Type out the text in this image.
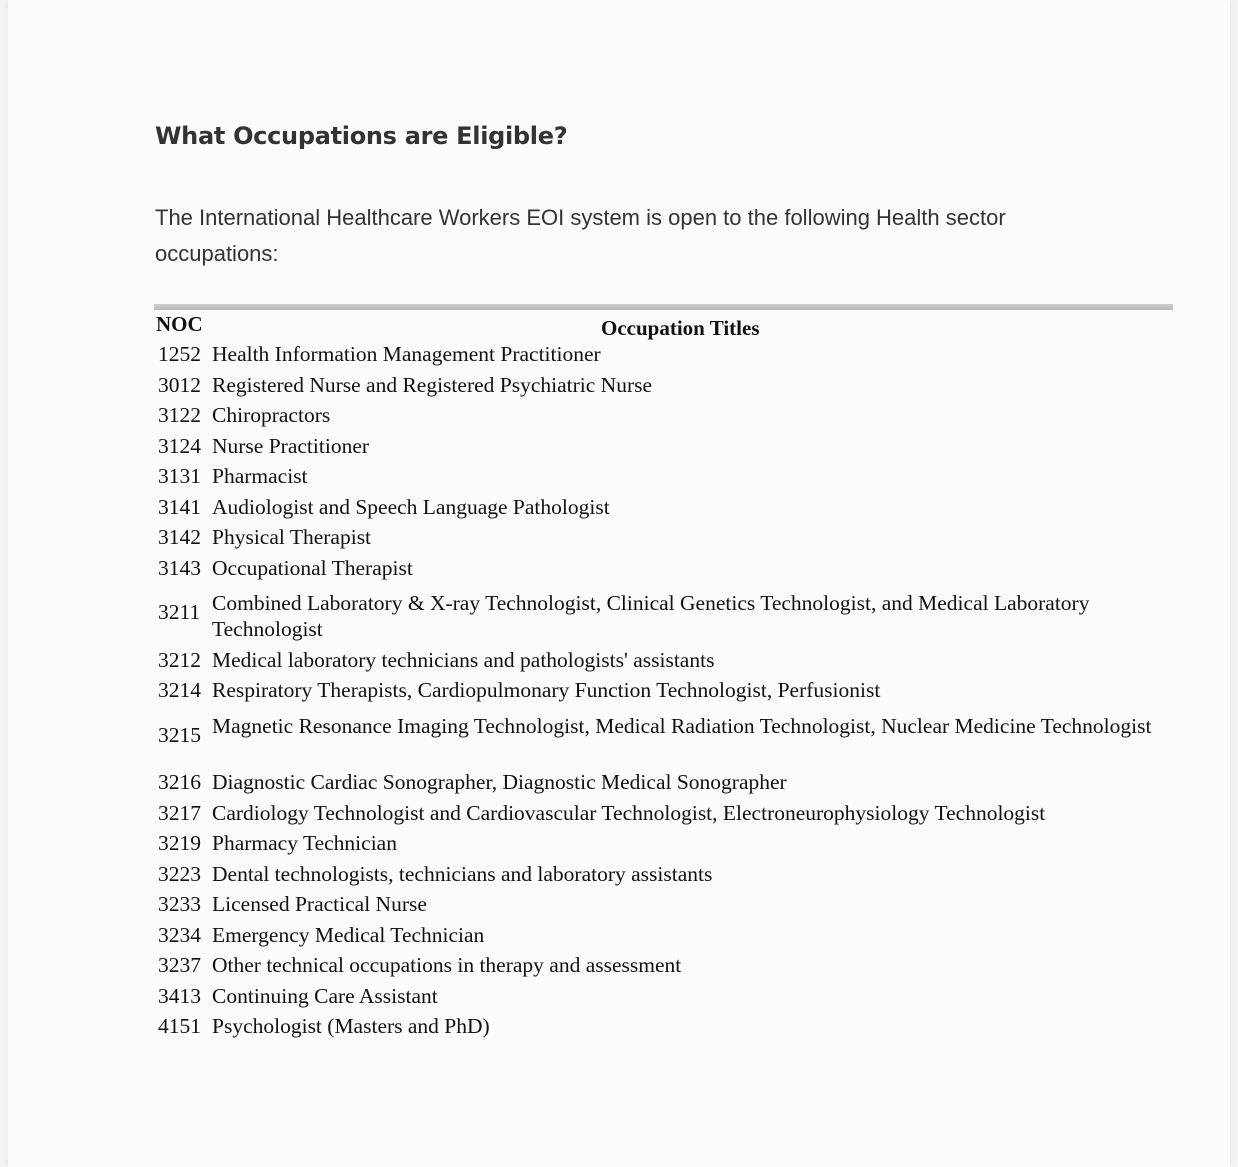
What Occupations are Eligible?

The International Healthcare Workers EOI system is open to the following Health sector occupations:

NOC	Occupation Titles
1252 Health Information Management Practitioner
3012 Registered Nurse and Registered Psychiatric Nurse
3122 Chiropractors
3124 Nurse Practitioner
3131 Pharmacist
3141 Audiologist and Speech Language Pathologist
3142 Physical Therapist
3143 Occupational Therapist
3211 Combined Laboratory & X-ray Technologist, Clinical Genetics Technologist, and Medical Laboratory Technologist
3212 Medical laboratory technicians and pathologists' assistants
3214 Respiratory Therapists, Cardiopulmonary Function Technologist, Perfusionist
3215 Magnetic Resonance Imaging Technologist, Medical Radiation Technologist, Nuclear Medicine Technologist
3216 Diagnostic Cardiac Sonographer, Diagnostic Medical Sonographer
3217 Cardiology Technologist and Cardiovascular Technologist, Electroneurophysiology Technologist
3219 Pharmacy Technician
3223 Dental technologists, technicians and laboratory assistants
3233 Licensed Practical Nurse
3234 Emergency Medical Technician
3237 Other technical occupations in therapy and assessment
3413 Continuing Care Assistant
4151 Psychologist (Masters and PhD)
